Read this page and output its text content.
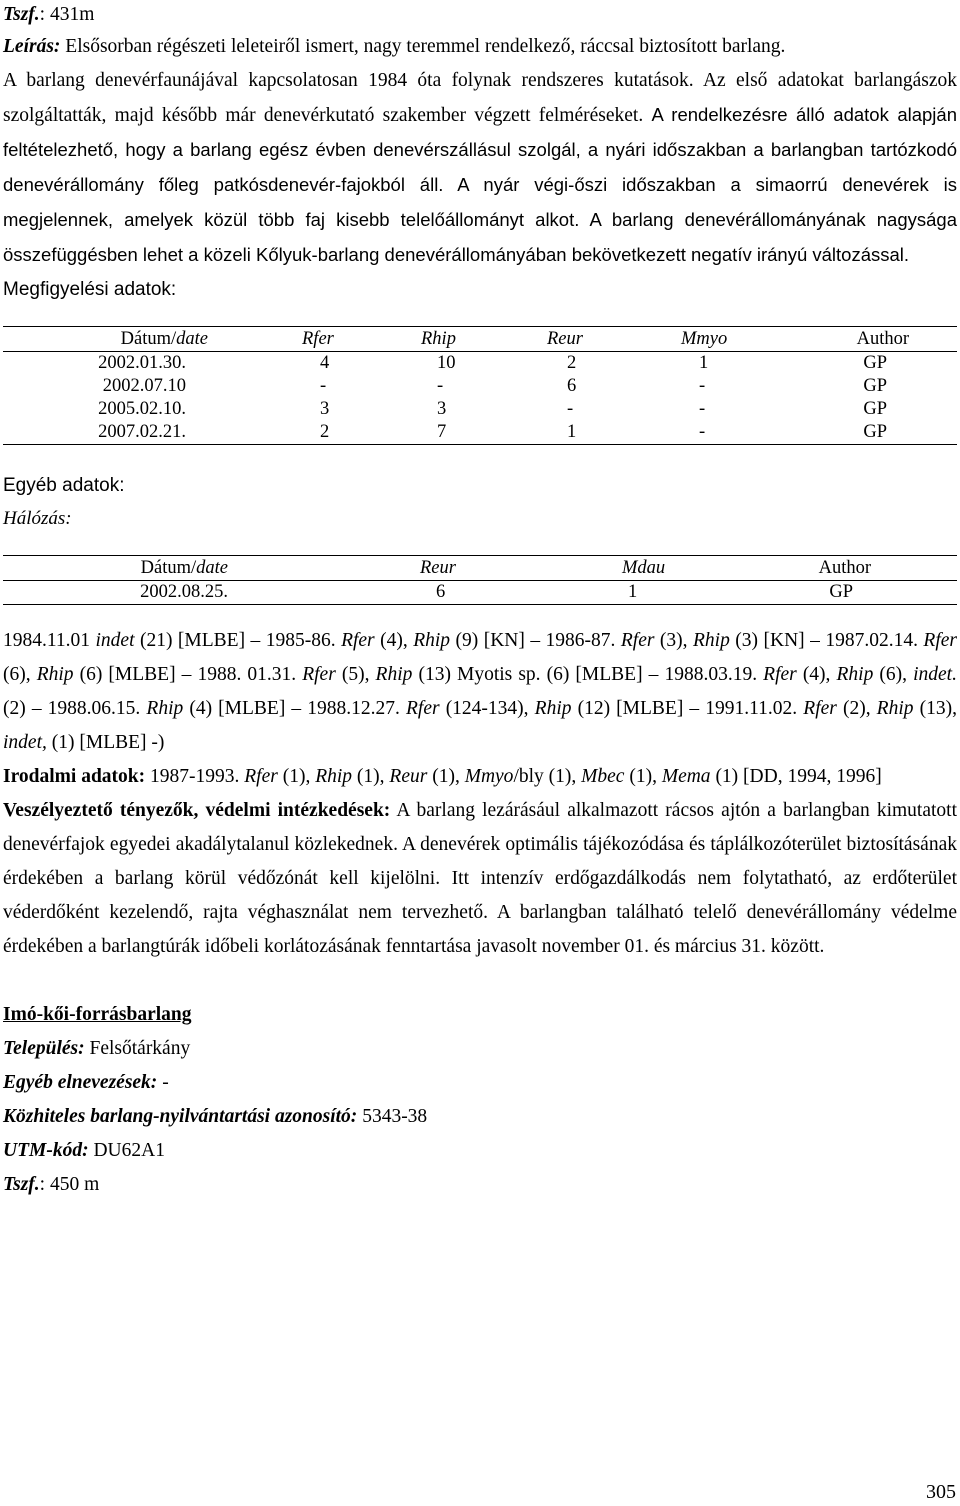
Tszf.: 431m

Leírás: Elsősorban régészeti leleteiről ismert, nagy teremmel rendelkező, ráccsal biztosított barlang.

A barlang denevérfaunájával kapcsolatosan 1984 óta folynak rendszeres kutatások. Az első adatokat barlangászok szolgáltatták, majd később már denevérkutató szakember végzett felméréseket. A rendelkezésre álló adatok alapján feltételezhető, hogy a barlang egész évben denevérszállásul szolgál, a nyári időszakban a barlangban tartózkodó denevérállomány főleg patkósdenevér-fajokból áll. A nyár végi-őszi időszakban a simaorrú denevérek is megjelennek, amelyek közül több faj kisebb telelőállományt alkot. A barlang denevérállományának nagysága összefüggésben lehet a közeli Kőlyuk-barlang denevérállományában bekövetkezett negatív irányú változással.

Megfigyelési adatok:
Dátum/date	Rfer	Rhip	Reur	Mmyo	Author
2002.01.30.	4	10	2	1	GP
2002.07.10	-	-	6	-	GP
2005.02.10.	3	3	-	-	GP
2007.02.21.	2	7	1	-	GP
Egyéb adatok:
Hálózás:
Dátum/date	Reur	Mdau	Author
2002.08.25.	6	1	GP

1984.11.01 indet (21) [MLBE] – 1985-86. Rfer (4), Rhip (9) [KN] – 1986-87. Rfer (3), Rhip (3) [KN] – 1987.02.14. Rfer (6), Rhip (6) [MLBE] – 1988. 01.31. Rfer (5), Rhip (13) Myotis sp. (6) [MLBE] – 1988.03.19. Rfer (4), Rhip (6), indet. (2) – 1988.06.15. Rhip (4) [MLBE] – 1988.12.27. Rfer (124-134), Rhip (12) [MLBE] – 1991.11.02. Rfer (2), Rhip (13), indet, (1) [MLBE] -)

Irodalmi adatok: 1987-1993. Rfer (1), Rhip (1), Reur (1), Mmyo/bly (1), Mbec (1), Mema (1) [DD, 1994, 1996]

Veszélyeztető tényezők, védelmi intézkedések: A barlang lezárásául alkalmazott rácsos ajtón a barlangban kimutatott denevérfajok egyedei akadálytalanul közlekednek. A denevérek optimális tájékozódása és táplálkozóterület biztosításának érdekében a barlang körül védőzónát kell kijelölni. Itt intenzív erdőgazdálkodás nem folytatható, az erdőterület véderdőként kezelendő, rajta véghasználat nem tervezhető. A barlangban található telelő denevérállomány védelme érdekében a barlangtúrák időbeli korlátozásának fenntartása javasolt november 01. és március 31. között.

Imó-kői-forrásbarlang

Település: Felsőtárkány

Egyéb elnevezések: -

Közhiteles barlang-nyilvántartási azonosító: 5343-38

UTM-kód: DU62A1

Tszf.: 450 m

305
